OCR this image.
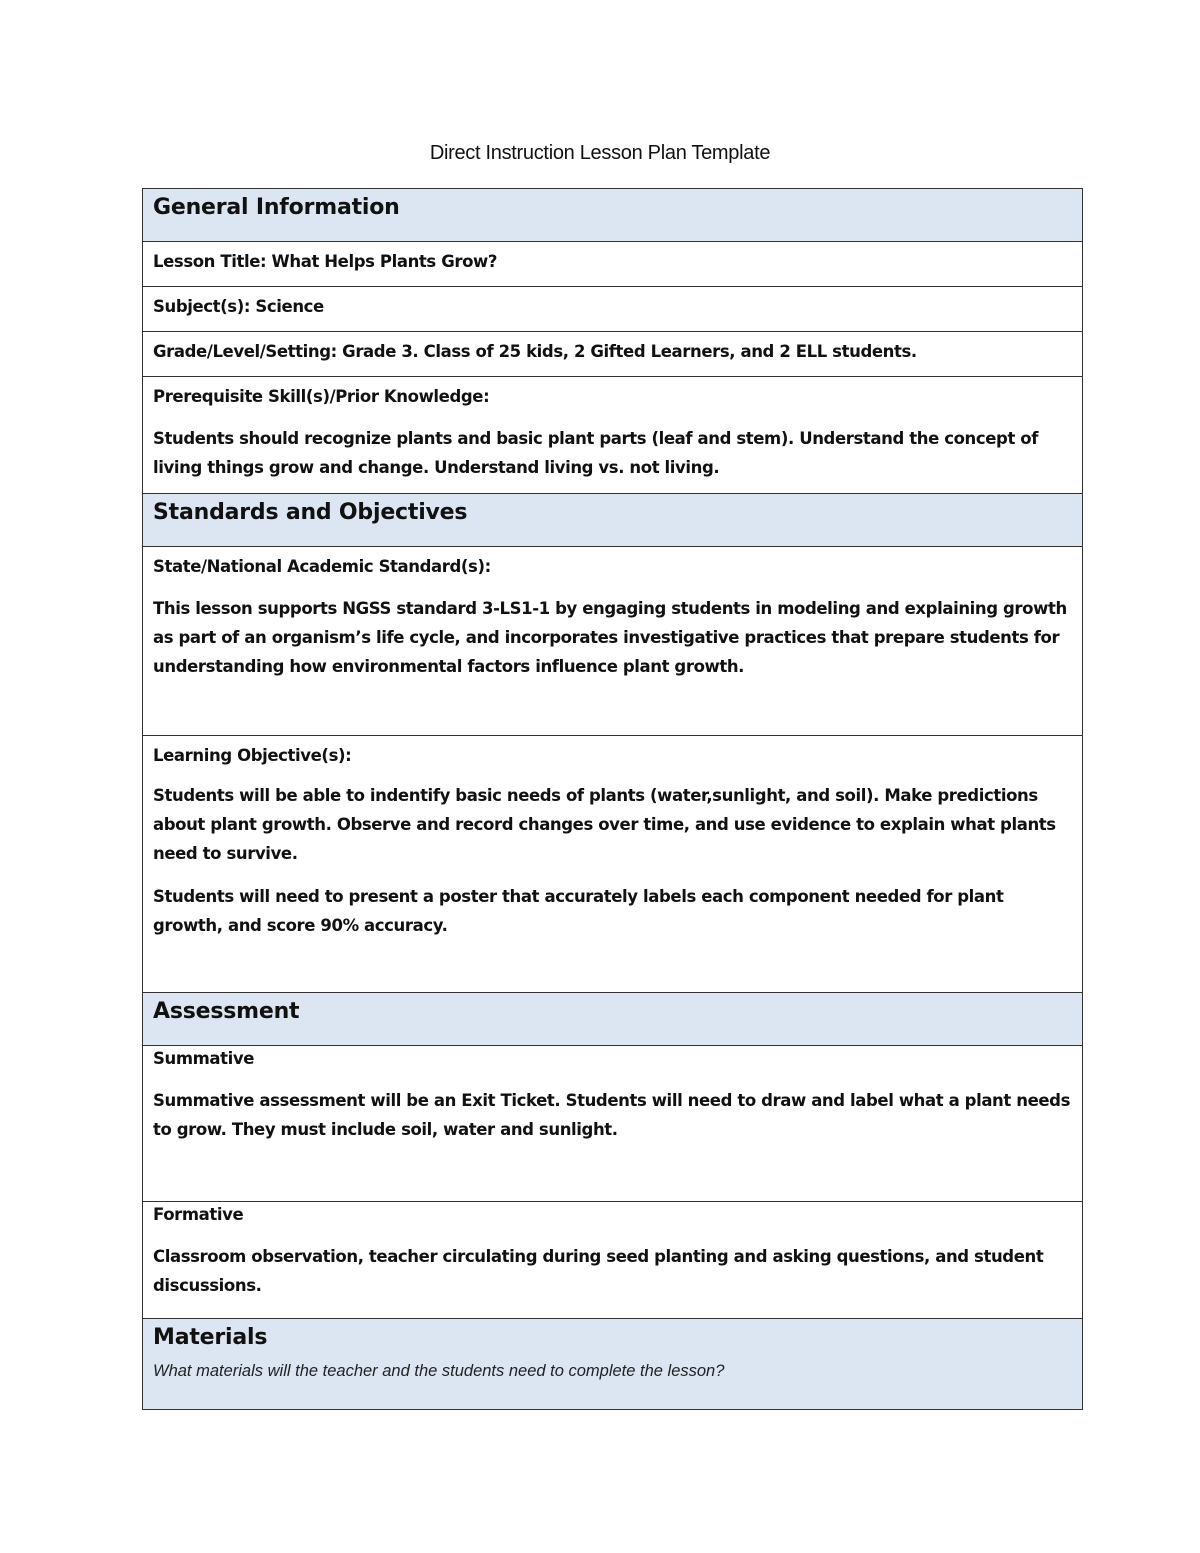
Direct Instruction Lesson Plan Template
General Information

Lesson Title: What Helps Plants Grow?

Subject(s): Science

Grade/Level/Setting: Grade 3. Class of 25 kids, 2 Gifted Learners, and 2 ELL students.

Prerequisite Skill(s)/Prior Knowledge:
Students should recognize plants and basic plant parts (leaf and stem). Understand the concept of living things grow and change. Understand living vs. not living.

Standards and Objectives

State/National Academic Standard(s):
This lesson supports NGSS standard 3-LS1-1 by engaging students in modeling and explaining growth as part of an organism’s life cycle, and incorporates investigative practices that prepare students for understanding how environmental factors influence plant growth.

Learning Objective(s):
Students will be able to indentify basic needs of plants (water,sunlight, and soil). Make predictions about plant growth. Observe and record changes over time, and use evidence to explain what plants need to survive.
Students will need to present a poster that accurately labels each component needed for plant growth, and score 90% accuracy.

Assessment

Summative
Summative assessment will be an Exit Ticket. Students will need to draw and label what a plant needs to grow. They must include soil, water and sunlight.

Formative
Classroom observation, teacher circulating during seed planting and asking questions, and student discussions.

Materials
What materials will the teacher and the students need to complete the lesson?
